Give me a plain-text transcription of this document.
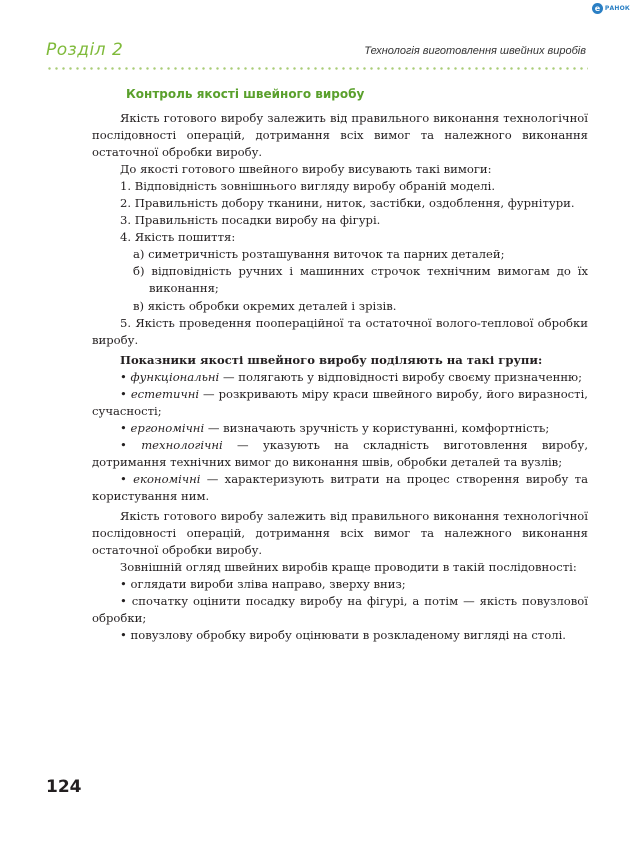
e РАНОК
Розділ 2	Технологія виготовлення швейних виробів
Контроль якості швейного виробу

Якість готового виробу залежить від правильного виконання технологічної послідовності операцій, дотримання всіх вимог та належного виконання остаточної обробки виробу.

До якості готового швейного виробу висувають такі вимоги:

1. Відповідність зовнішнього вигляду виробу обраній моделі.

2. Правильність добору тканини, ниток, застібки, оздоблення, фурнітури.

3. Правильність посадки виробу на фігурі.

4. Якість пошиття:

а) симетричність розташування виточок та парних деталей;

б) відповідність ручних і машинних строчок технічним вимогам до їх виконання;

в) якість обробки окремих деталей і зрізів.

5. Якість проведення поопераційної та остаточної волого-теплової обробки виробу.

Показники якості швейного виробу поділяють на такі групи:

• функціональні — полягають у відповідності виробу своєму призначенню;

• естетичні — розкривають міру краси швейного виробу, його виразності, сучасності;

• ергономічні — визначають зручність у користуванні, комфортність;

• технологічні — указують на складність виготовлення виробу, дотримання технічних вимог до виконання швів, обробки деталей та вузлів;

• економічні — характеризують витрати на процес створення виробу та користування ним.

Якість готового виробу залежить від правильного виконання технологічної послідовності операцій, дотримання всіх вимог та належного виконання остаточної обробки виробу.

Зовнішній огляд швейних виробів краще проводити в такій послідовності:

• оглядати вироби зліва направо, зверху вниз;

• спочатку оцінити посадку виробу на фігурі, а потім — якість повузлової обробки;

• повузлову обробку виробу оцінювати в розкладеному вигляді на столі.

124
